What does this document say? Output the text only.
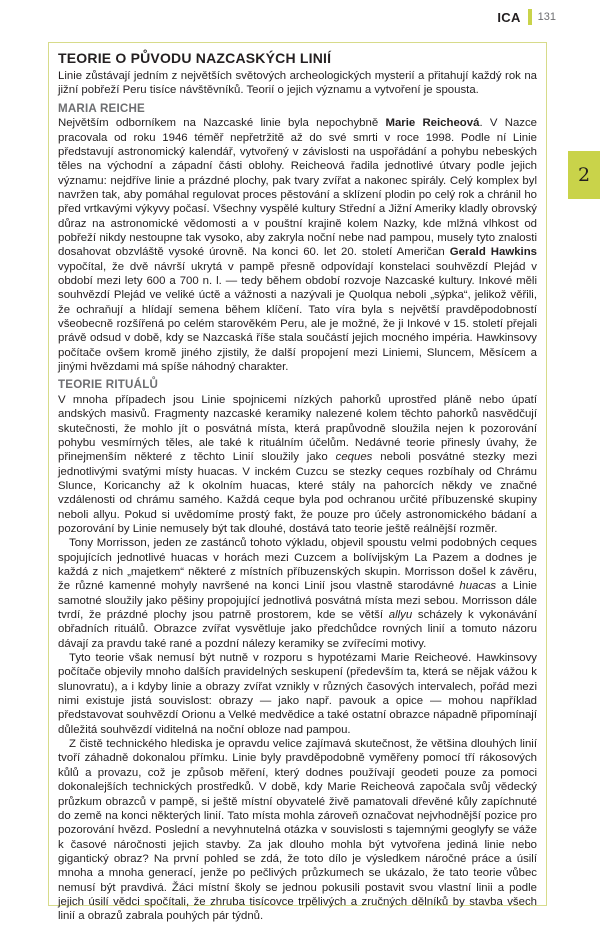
ICA 131
2
TEORIE O PŮVODU NAZCASKÝCH LINIÍ

Linie zůstávají jedním z největších světových archeologických mysterií a přitahují každý rok na jižní pobřeží Peru tisíce návštěvníků. Teorií o jejich významu a vytvoření je spousta.

MARIA REICHE

Největším odborníkem na Nazcaské linie byla nepochybně Marie Reicheová. V Nazce pracovala od roku 1946 téměř nepřetržitě až do své smrti v roce 1998. Podle ní Linie představují astronomický kalendář, vytvořený v závislosti na uspořádání a pohybu nebeských těles na východní a západní části oblohy. Reicheová řadila jednotlivé útvary podle jejich významu: nejdříve linie a prázdné plochy, pak tvary zvířat a nakonec spirály. Celý komplex byl navržen tak, aby pomáhal regulovat proces pěstování a sklízení plodin po celý rok a chránil ho před vrtkavými výkyvy počasí. Všechny vyspělé kultury Střední a Jižní Ameriky kladly obrovský důraz na astronomické vědomosti a v pouštní krajině kolem Nazky, kde mlžná vlhkost od pobřeží nikdy nestoupne tak vysoko, aby zakryla noční nebe nad pampou, musely tyto znalosti dosahovat obzvláště vysoké úrovně. Na konci 60. let 20. století Američan Gerald Hawkins vypočítal, že dvě návrší ukrytá v pampě přesně odpovídají konstelaci souhvězdí Plejád v období mezi lety 600 a 700 n. l. — tedy během období rozvoje Nazcaské kultury. Inkové měli souhvězdí Plejád ve veliké úctě a vážnosti a nazývali je Quolqua neboli „sýpka“, jelikož věřili, že ochraňují a hlídají semena během klíčení. Tato víra byla s největší pravděpodobností všeobecně rozšířená po celém starověkém Peru, ale je možné, že ji Inkové v 15. století přejali právě odsud v době, kdy se Nazcaská říše stala součástí jejich mocného impéria. Hawkinsovy počítače ovšem kromě jiného zjistily, že další propojení mezi Liniemi, Sluncem, Měsícem a jinými hvězdami má spíše náhodný charakter.

TEORIE RITUÁLŮ

V mnoha případech jsou Linie spojnicemi nízkých pahorků uprostřed pláně nebo úpatí andských masivů. Fragmenty nazcaské keramiky nalezené kolem těchto pahorků nasvědčují skutečnosti, že mohlo jít o posvátná místa, která prapůvodně sloužila nejen k pozorování pohybu vesmírných těles, ale také k rituálním účelům. Nedávné teorie přinesly úvahy, že přinejmenším některé z těchto Linií sloužily jako ceques neboli posvátné stezky mezi jednotlivými svatými místy huacas. V inckém Cuzcu se stezky ceques rozbíhaly od Chrámu Slunce, Koricanchy až k okolním huacas, které stály na pahorcích někdy ve značné vzdálenosti od chrámu samého. Každá ceque byla pod ochranou určité příbuzenské skupiny neboli allyu. Pokud si uvědomíme prostý fakt, že pouze pro účely astronomického bádaní a pozorování by Linie nemusely být tak dlouhé, dostává tato teorie ještě reálnější rozměr.

Tony Morrisson, jeden ze zastánců tohoto výkladu, objevil spoustu velmi podobných ceques spojujících jednotlivé huacas v horách mezi Cuzcem a bolívijským La Pazem a dodnes je každá z nich „majetkem“ některé z místních příbuzenských skupin. Morrisson došel k závěru, že různé kamenné mohyly navršené na konci Linií jsou vlastně starodávné huacas a Linie samotné sloužily jako pěšiny propojující jednotlivá posvátná místa mezi sebou. Morrisson dále tvrdí, že prázdné plochy jsou patrně prostorem, kde se větší allyu scházely k vykonávání obřadních rituálů. Obrazce zvířat vysvětluje jako předchůdce rovných linií a tomuto názoru dávají za pravdu také rané a pozdní nálezy keramiky se zvířecími motivy.

Tyto teorie však nemusí být nutně v rozporu s hypotézami Marie Reicheové. Hawkinsovy počítače objevily mnoho dalších pravidelných seskupení (především ta, která se nějak vážou k slunovratu), a i kdyby linie a obrazy zvířat vznikly v různých časových intervalech, pořád mezi nimi existuje jistá souvislost: obrazy — jako např. pavouk a opice — mohou například představovat souhvězdí Orionu a Velké medvědice a také ostatní obrazce nápadně připomínají důležitá souhvězdí viditelná na noční obloze nad pampou.

Z čistě technického hlediska je opravdu velice zajímavá skutečnost, že většina dlouhých linií tvoří záhadně dokonalou přímku. Linie byly pravděpodobně vyměřeny pomocí tří rákosových kůlů a provazu, což je způsob měření, který dodnes používají geodeti pouze za pomoci dokonalejších technických prostředků. V době, kdy Marie Reicheová započala svůj vědecký průzkum obrazců v pampě, si ještě místní obyvatelé živě pamatovali dřevěné kůly zapíchnuté do země na konci některých linií. Tato místa mohla zároveň označovat nejvhodnější pozice pro pozorování hvězd. Poslední a nevyhnutelná otázka v souvislosti s tajemnými geoglyfy se váže k časové náročnosti jejich stavby. Za jak dlouho mohla být vytvořena jediná linie nebo gigantický obraz? Na první pohled se zdá, že toto dílo je výsledkem náročné práce a úsilí mnoha a mnoha generací, jenže po pečlivých průzkumech se ukázalo, že tato teorie vůbec nemusí být pravdivá. Žáci místní školy se jednou pokusili postavit svou vlastní linii a podle jejich úsilí vědci spočítali, že zhruba tisícovce trpělivých a zručných dělníků by stavba všech linií a obrazů zabrala pouhých pár týdnů.
